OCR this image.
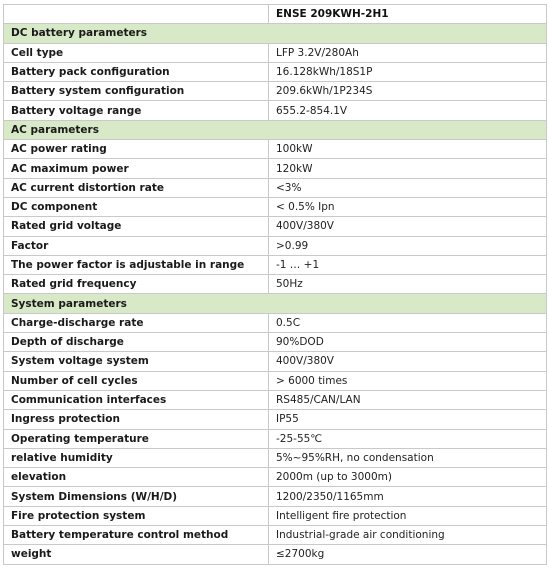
	ENSE 209KWH-2H1
DC battery parameters	
Cell type	LFP 3.2V/280Ah
Battery pack configuration	16.128kWh/18S1P
Battery system configuration	209.6kWh/1P234S
Battery voltage range	655.2-854.1V
AC parameters	
AC power rating	100kW
AC maximum power	120kW
AC current distortion rate	<3%
DC component	< 0.5% Ipn
Rated grid voltage	400V/380V
Factor	>0.99
The power factor is adjustable in range	-1 … +1
Rated grid frequency	50Hz
System parameters	
Charge-discharge rate	0.5C
Depth of discharge	90%DOD
System voltage system	400V/380V
Number of cell cycles	> 6000 times
Communication interfaces	RS485/CAN/LAN
Ingress protection	IP55
Operating temperature	-25-55℃
relative humidity	5%~95%RH, no condensation
elevation	2000m (up to 3000m)
System Dimensions (W/H/D)	1200/2350/1165mm
Fire protection system	Intelligent fire protection
Battery temperature control method	Industrial-grade air conditioning
weight	≤2700kg
